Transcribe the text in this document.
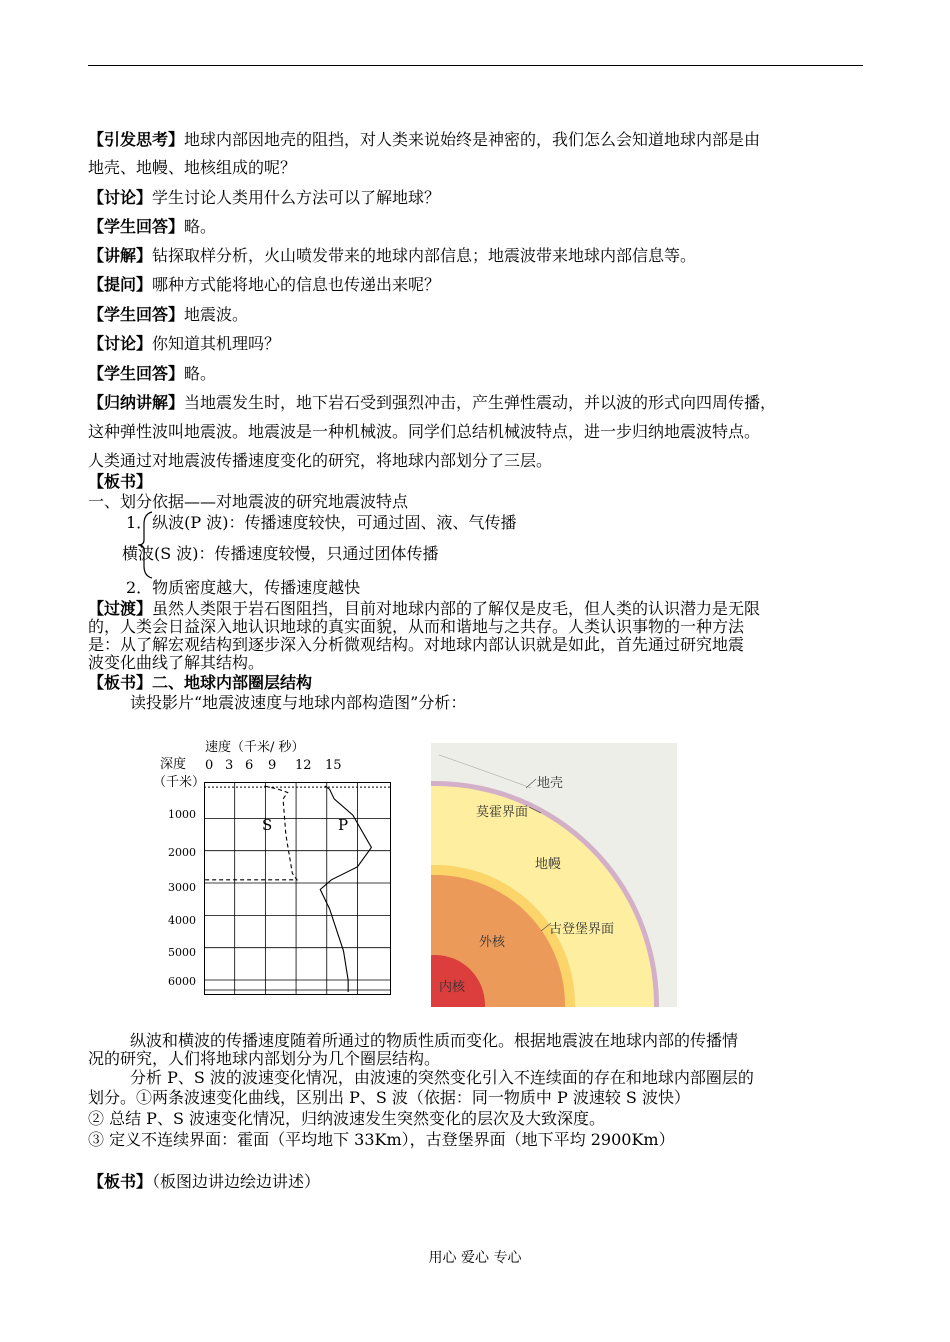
【引发思考】地球内部因地壳的阻挡，对人类来说始终是神密的，我们怎么会知道地球内部是由
地壳、地幔、地核组成的呢？
【讨论】学生讨论人类用什么方法可以了解地球？
【学生回答】略。
【讲解】钻探取样分析，火山喷发带来的地球内部信息；地震波带来地球内部信息等。
【提问】哪种方式能将地心的信息也传递出来呢？
【学生回答】地震波。
【讨论】你知道其机理吗？
【学生回答】略。
【归纳讲解】当地震发生时，地下岩石受到强烈冲击，产生弹性震动，并以波的形式向四周传播，
这种弹性波叫地震波。地震波是一种机械波。同学们总结机械波特点，进一步归纳地震波特点。
人类通过对地震波传播速度变化的研究，将地球内部划分了三层。
【板书】
一、划分依据——对地震波的研究地震波特点
1．纵波(P 波)：传播速度较快，可通过固、液、气传播
横波(S 波)：传播速度较慢，只通过团体传播
2．物质密度越大，传播速度越快
【过渡】虽然人类限于岩石图阻挡，目前对地球内部的了解仅是皮毛，但人类的认识潜力是无限
的，人类会日益深入地认识地球的真实面貌，从而和谐地与之共存。人类认识事物的一种方法
是：从了解宏观结构到逐步深入分析微观结构。对地球内部认识就是如此，首先通过研究地震
波变化曲线了解其结构。
【板书】二、地球内部圈层结构
读投影片“地震波速度与地球内部构造图”分析：
速度（千米/ 秒）
深度
（千米）
0 3 6 9 12 15
1000
2000
3000
4000
5000
6000
S	P
地壳
莫霍界面
地幔
古登堡界面
外核
内核
纵波和横波的传播速度随着所通过的物质性质而变化。根据地震波在地球内部的传播情
况的研究，人们将地球内部划分为几个圈层结构。
分析 P、S 波的波速变化情况，由波速的突然变化引入不连续面的存在和地球内部圈层的
划分。①两条波速变化曲线，区别出 P、S 波（依据：同一物质中 P 波速较 S 波快）
② 总结 P、S 波速变化情况，归纳波速发生突然变化的层次及大致深度。
③ 定义不连续界面：霍面（平均地下 33Km），古登堡界面（地下平均 2900Km）
【板书】（板图边讲边绘边讲述）
用心 爱心 专心
